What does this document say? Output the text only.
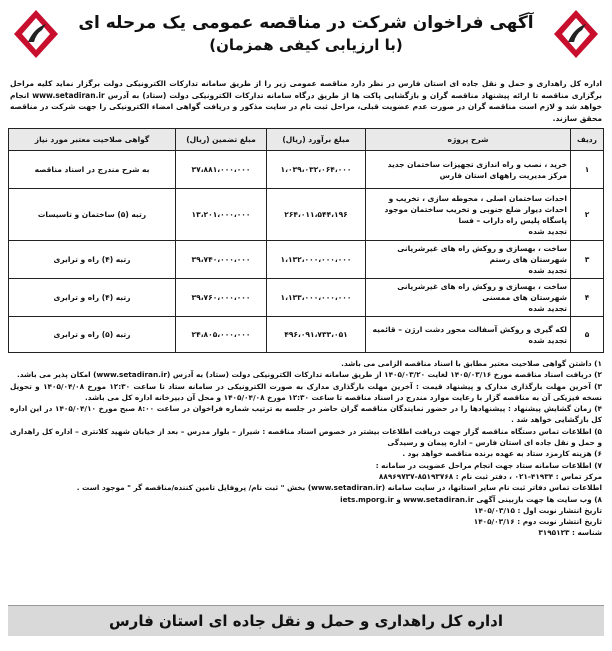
آگهی فراخوان شرکت در مناقصه عمومی یک مرحله ای

(با ارزیابی کیفی همزمان)

اداره کل راهداری و حمل و نقل جاده ای استان فارس در نظر دارد مناقصه عمومی زیر را از طریق سامانه تدارکات الکترونیکی دولت برگزار نماید کلیه مراحل برگزاری مناقصه تا ارائه پیشنهاد مناقصه گران و بازگشایی پاکت ها از طریق درگاه سامانه تدارکات الکترونیکی دولت (ستاد) به آدرس www.setadiran.ir انجام خواهد شد و لازم است مناقصه گران در صورت عدم عضویت قبلی، مراحل ثبت نام در سایت مذکور و دریافت گواهی امضاء الکترونیکی را جهت شرکت در مناقصه محقق سازند.
ردیف	شرح پروژه	مبلغ برآورد (ریال)	مبلغ تضمین (ریال)	گواهی صلاحیت معتبر مورد نیاز
۱	خرید ، نصب و راه اندازی تجهیزات ساختمان جدید مرکز مدیریت راههای استان فارس	۱،۰۳۹،۰۳۲،۰۶۴،۰۰۰	۳۷،۸۸۱،۰۰۰،۰۰۰	به شرح مندرج در اسناد مناقصه
۲	احداث ساختمان اصلی ، محوطه سازی ، تخریب و احداث دیوار ضلع جنوبی و تخریب ساختمان موجود پاسگاه پلیس راه داراب – فسا
تجدید شده	۲۶۴،۰۱۱،۵۴۴،۱۹۶	۱۳،۲۰۱،۰۰۰،۰۰۰	رتبه (۵) ساختمان و تاسیسات
۳	ساخت ، بهسازی و روکش راه های غیرشریانی شهرستان های رستم
تجدید شده	۱،۱۳۲،۰۰۰،۰۰۰،۰۰۰	۳۹،۷۴۰،۰۰۰،۰۰۰	رتبه (۴) راه و ترابری
۴	ساخت ، بهسازی و روکش راه های غیرشریانی شهرستان های ممسنی
تجدید شده	۱،۱۳۳،۰۰۰،۰۰۰،۰۰۰	۳۹،۷۶۰،۰۰۰،۰۰۰	رتبه (۴) راه و ترابری
۵	لکه گیری و روکش آسفالت محور دشت ارژن – قائمیه
تجدید شده	۴۹۶،۰۹۱،۷۳۳،۰۵۱	۲۴،۸۰۵،۰۰۰،۰۰۰	رتبه (۵) راه و ترابری

۱) داشتن گواهی صلاحیت معتبر مطابق با اسناد مناقصه الزامی می باشد.

۲) دریافت اسناد مناقصه مورخ ۱۴۰۵/۰۳/۱۶ لغایت ۱۴۰۵/۰۳/۲۰ از طریق سامانه تدارکات الکترونیکی دولت (ستاد) به آدرس (www.setadiran.ir) امکان پذیر می باشد.

۳) آخرین مهلت بارگذاری مدارک و پیشنهاد قیمت : آخرین مهلت بارگذاری مدارک به صورت الکترونیکی در سامانه ستاد تا ساعت ۱۲:۳۰ مورخ ۱۴۰۵/۰۴/۰۸ و تحویل نسخه فیزیکی آن به مناقصه گزار با رعایت موارد مندرج در اسناد مناقصه تا ساعت ۱۲:۳۰ مورخ ۱۴۰۵/۰۴/۰۸ و محل آن دبیرخانه اداره کل می باشد.

۴) زمان گشایش پیشنهاد : پیشنهادها را در حضور نمایندگان مناقصه گران حاضر در جلسه به ترتیب شماره فراخوان در ساعت ۸:۰۰ صبح مورخ ۱۴۰۵/۰۴/۱۰ در این اداره کل بازگشایی خواهد شد .

۵) اطلاعات تماس دستگاه مناقصه گزار جهت دریافت اطلاعات بیشتر در خصوص اسناد مناقصه : شیراز – بلوار مدرس – بعد از خیابان شهید کلانتری – اداره کل راهداری و حمل و نقل جاده ای استان فارس – اداره پیمان و رسیدگی

۶) هزینه کارمزد ستاد به عهده برنده مناقصه خواهد بود .

۷) اطلاعات سامانه ستاد جهت انجام مراحل عضویت در سامانه :

مرکز تماس : ۴۱۹۳۴-۰۲۱ ، دفتر ثبت نام : ۸۵۱۹۳۷۶۸-۸۸۹۶۹۷۳۷

اطلاعات تماس دفاتر ثبت نام سایر استانها، در سایت سامانه (www.setadiran.ir) بخش " ثبت نام/ پروفایل تامین کننده/مناقصه گر " موجود است .

۸) وب سایت ها جهت بازبینی آگهی www.setadiran.ir و iets.mporg.ir

تاریخ انتشار نوبت اول : ۱۴۰۵/۰۳/۱۵

تاریخ انتشار نوبت دوم : ۱۴۰۵/۰۳/۱۶

شناسه : ۳۱۹۵۱۲۳

اداره کل راهداری و حمل و نقل جاده ای استان فارس
